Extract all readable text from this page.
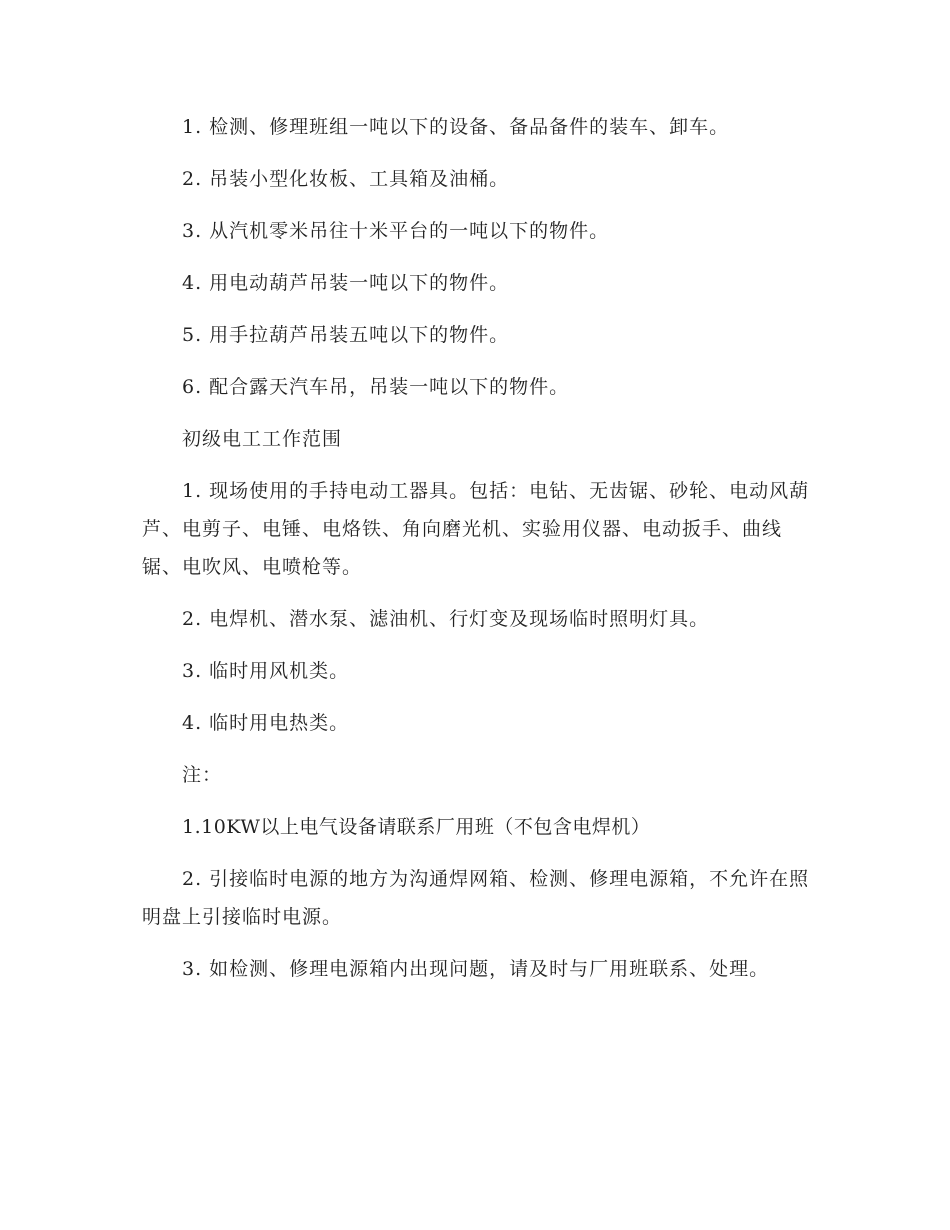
1. 检测、修理班组一吨以下的设备、备品备件的装车、卸车。

2. 吊装小型化妆板、工具箱及油桶。

3. 从汽机零米吊往十米平台的一吨以下的物件。

4. 用电动葫芦吊装一吨以下的物件。

5. 用手拉葫芦吊装五吨以下的物件。

6. 配合露天汽车吊，吊装一吨以下的物件。

初级电工工作范围

1. 现场使用的手持电动工器具。包括：电钻、无齿锯、砂轮、电动风葫芦、电剪子、电锤、电烙铁、角向磨光机、实验用仪器、电动扳手、曲线锯、电吹风、电喷枪等。

2. 电焊机、潜水泵、滤油机、行灯变及现场临时照明灯具。

3. 临时用风机类。

4. 临时用电热类。

注：

1.10KW以上电气设备请联系厂用班（不包含电焊机）

2. 引接临时电源的地方为沟通焊网箱、检测、修理电源箱，不允许在照明盘上引接临时电源。

3. 如检测、修理电源箱内出现问题，请及时与厂用班联系、处理。
